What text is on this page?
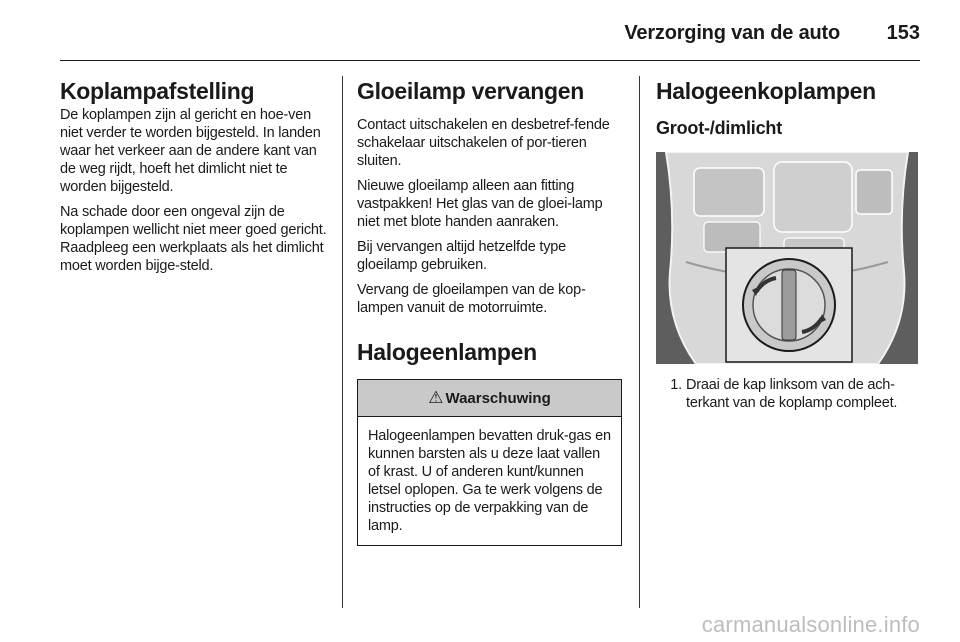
Verzorging van de auto 153
Koplampafstelling

De koplampen zijn al gericht en hoe-ven niet verder te worden bijgesteld. In landen waar het verkeer aan de andere kant van de weg rijdt, hoeft het dimlicht niet te worden bijgesteld.

Na schade door een ongeval zijn de koplampen wellicht niet meer goed gericht. Raadpleeg een werkplaats als het dimlicht moet worden bijge-steld.

Gloeilamp vervangen

Contact uitschakelen en desbetref-fende schakelaar uitschakelen of por-tieren sluiten.

Nieuwe gloeilamp alleen aan fitting vastpakken! Het glas van de gloei-lamp niet met blote handen aanraken.

Bij vervangen altijd hetzelfde type gloeilamp gebruiken.

Vervang de gloeilampen van de kop-lampen vanuit de motorruimte.

Halogeenlampen
⚠ Waarschuwing

Halogeenlampen bevatten druk-gas en kunnen barsten als u deze laat vallen of krast. U of anderen kunt/kunnen letsel oplopen. Ga te werk volgens de instructies op de verpakking van de lamp.

Halogeenkoplampen
Groot-/dimlicht
1. Draai de kap linksom van de ach-terkant van de koplamp compleet.
carmanualsonline.info
